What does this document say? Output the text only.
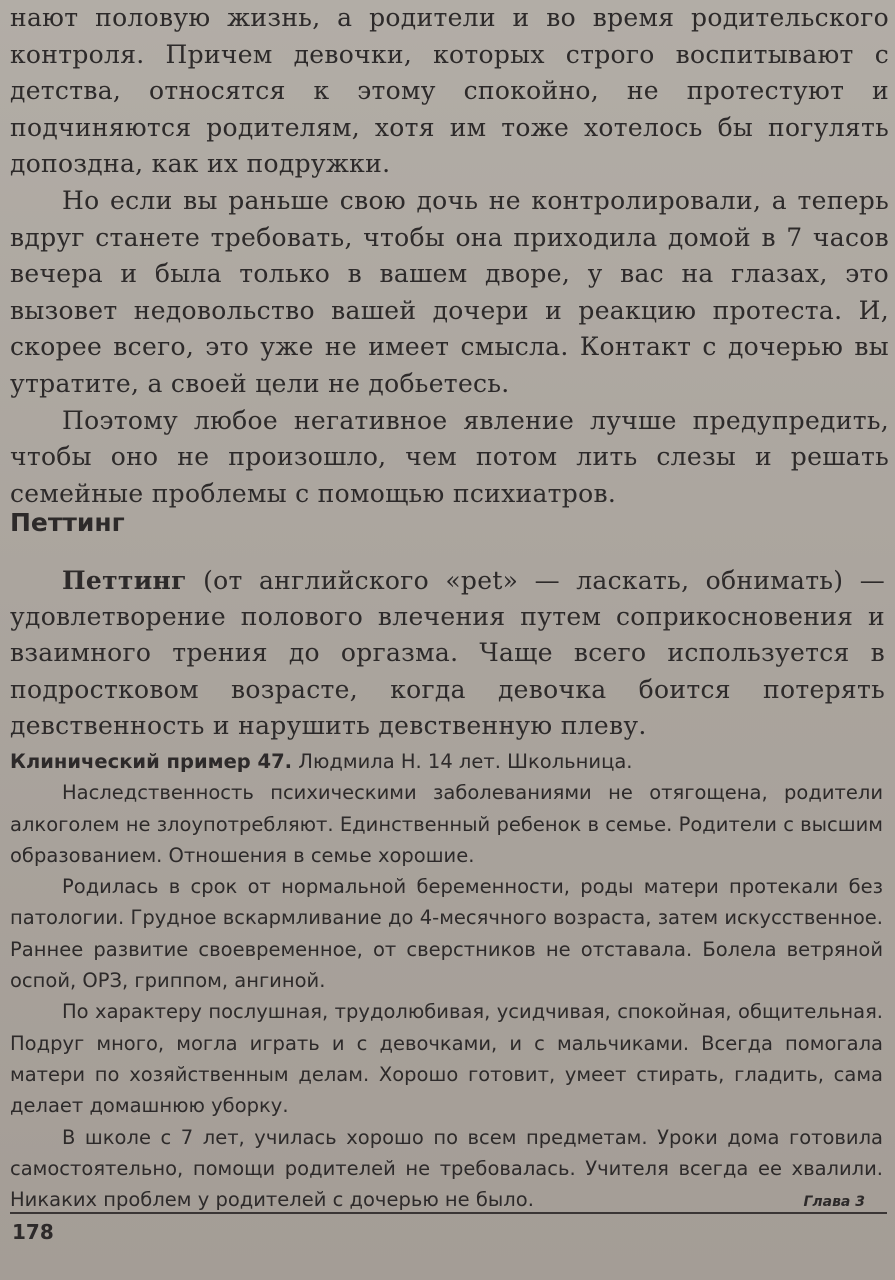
нают половую жизнь, а родители и во время родительского контроля. Причем девочки, которых строго воспитывают с детства, относятся к этому спокойно, не протестуют и подчиняются родителям, хотя им тоже хотелось бы погулять допоздна, как их подружки.

Но если вы раньше свою дочь не контролировали, а теперь вдруг станете требовать, чтобы она приходила домой в 7 часов вечера и была только в вашем дворе, у вас на глазах, это вызовет недовольство вашей дочери и реакцию протеста. И, скорее всего, это уже не имеет смысла. Контакт с дочерью вы утратите, а своей цели не добьетесь.

Поэтому любое негативное явление лучше предупредить, чтобы оно не произошло, чем потом лить слезы и решать семейные проблемы с помощью психиатров.

Петтинг

Петтинг (от английского «pet» — ласкать, обнимать) — удовлетворение полового влечения путем соприкосновения и взаимного трения до оргазма. Чаще всего используется в подростковом возрасте, когда девочка боится потерять девственность и нарушить девственную плеву.

Клинический пример 47. Людмила Н. 14 лет. Школьница.

Наследственность психическими заболеваниями не отягощена, родители алкоголем не злоупотребляют. Единственный ребенок в семье. Родители с высшим образованием. Отношения в семье хорошие.

Родилась в срок от нормальной беременности, роды матери протекали без патологии. Грудное вскармливание до 4-месячного возраста, затем искусственное. Раннее развитие своевременное, от сверстников не отставала. Болела ветряной оспой, ОРЗ, гриппом, ангиной.

По характеру послушная, трудолюбивая, усидчивая, спокойная, общительная. Подруг много, могла играть и с девочками, и с мальчиками. Всегда помогала матери по хозяйственным делам. Хорошо готовит, умеет стирать, гладить, сама делает домашнюю уборку.

В школе с 7 лет, училась хорошо по всем предметам. Уроки дома готовила самостоятельно, помощи родителей не требовалась. Учителя всегда ее хвалили. Никаких проблем у родителей с дочерью не было.	Глава 3
178
